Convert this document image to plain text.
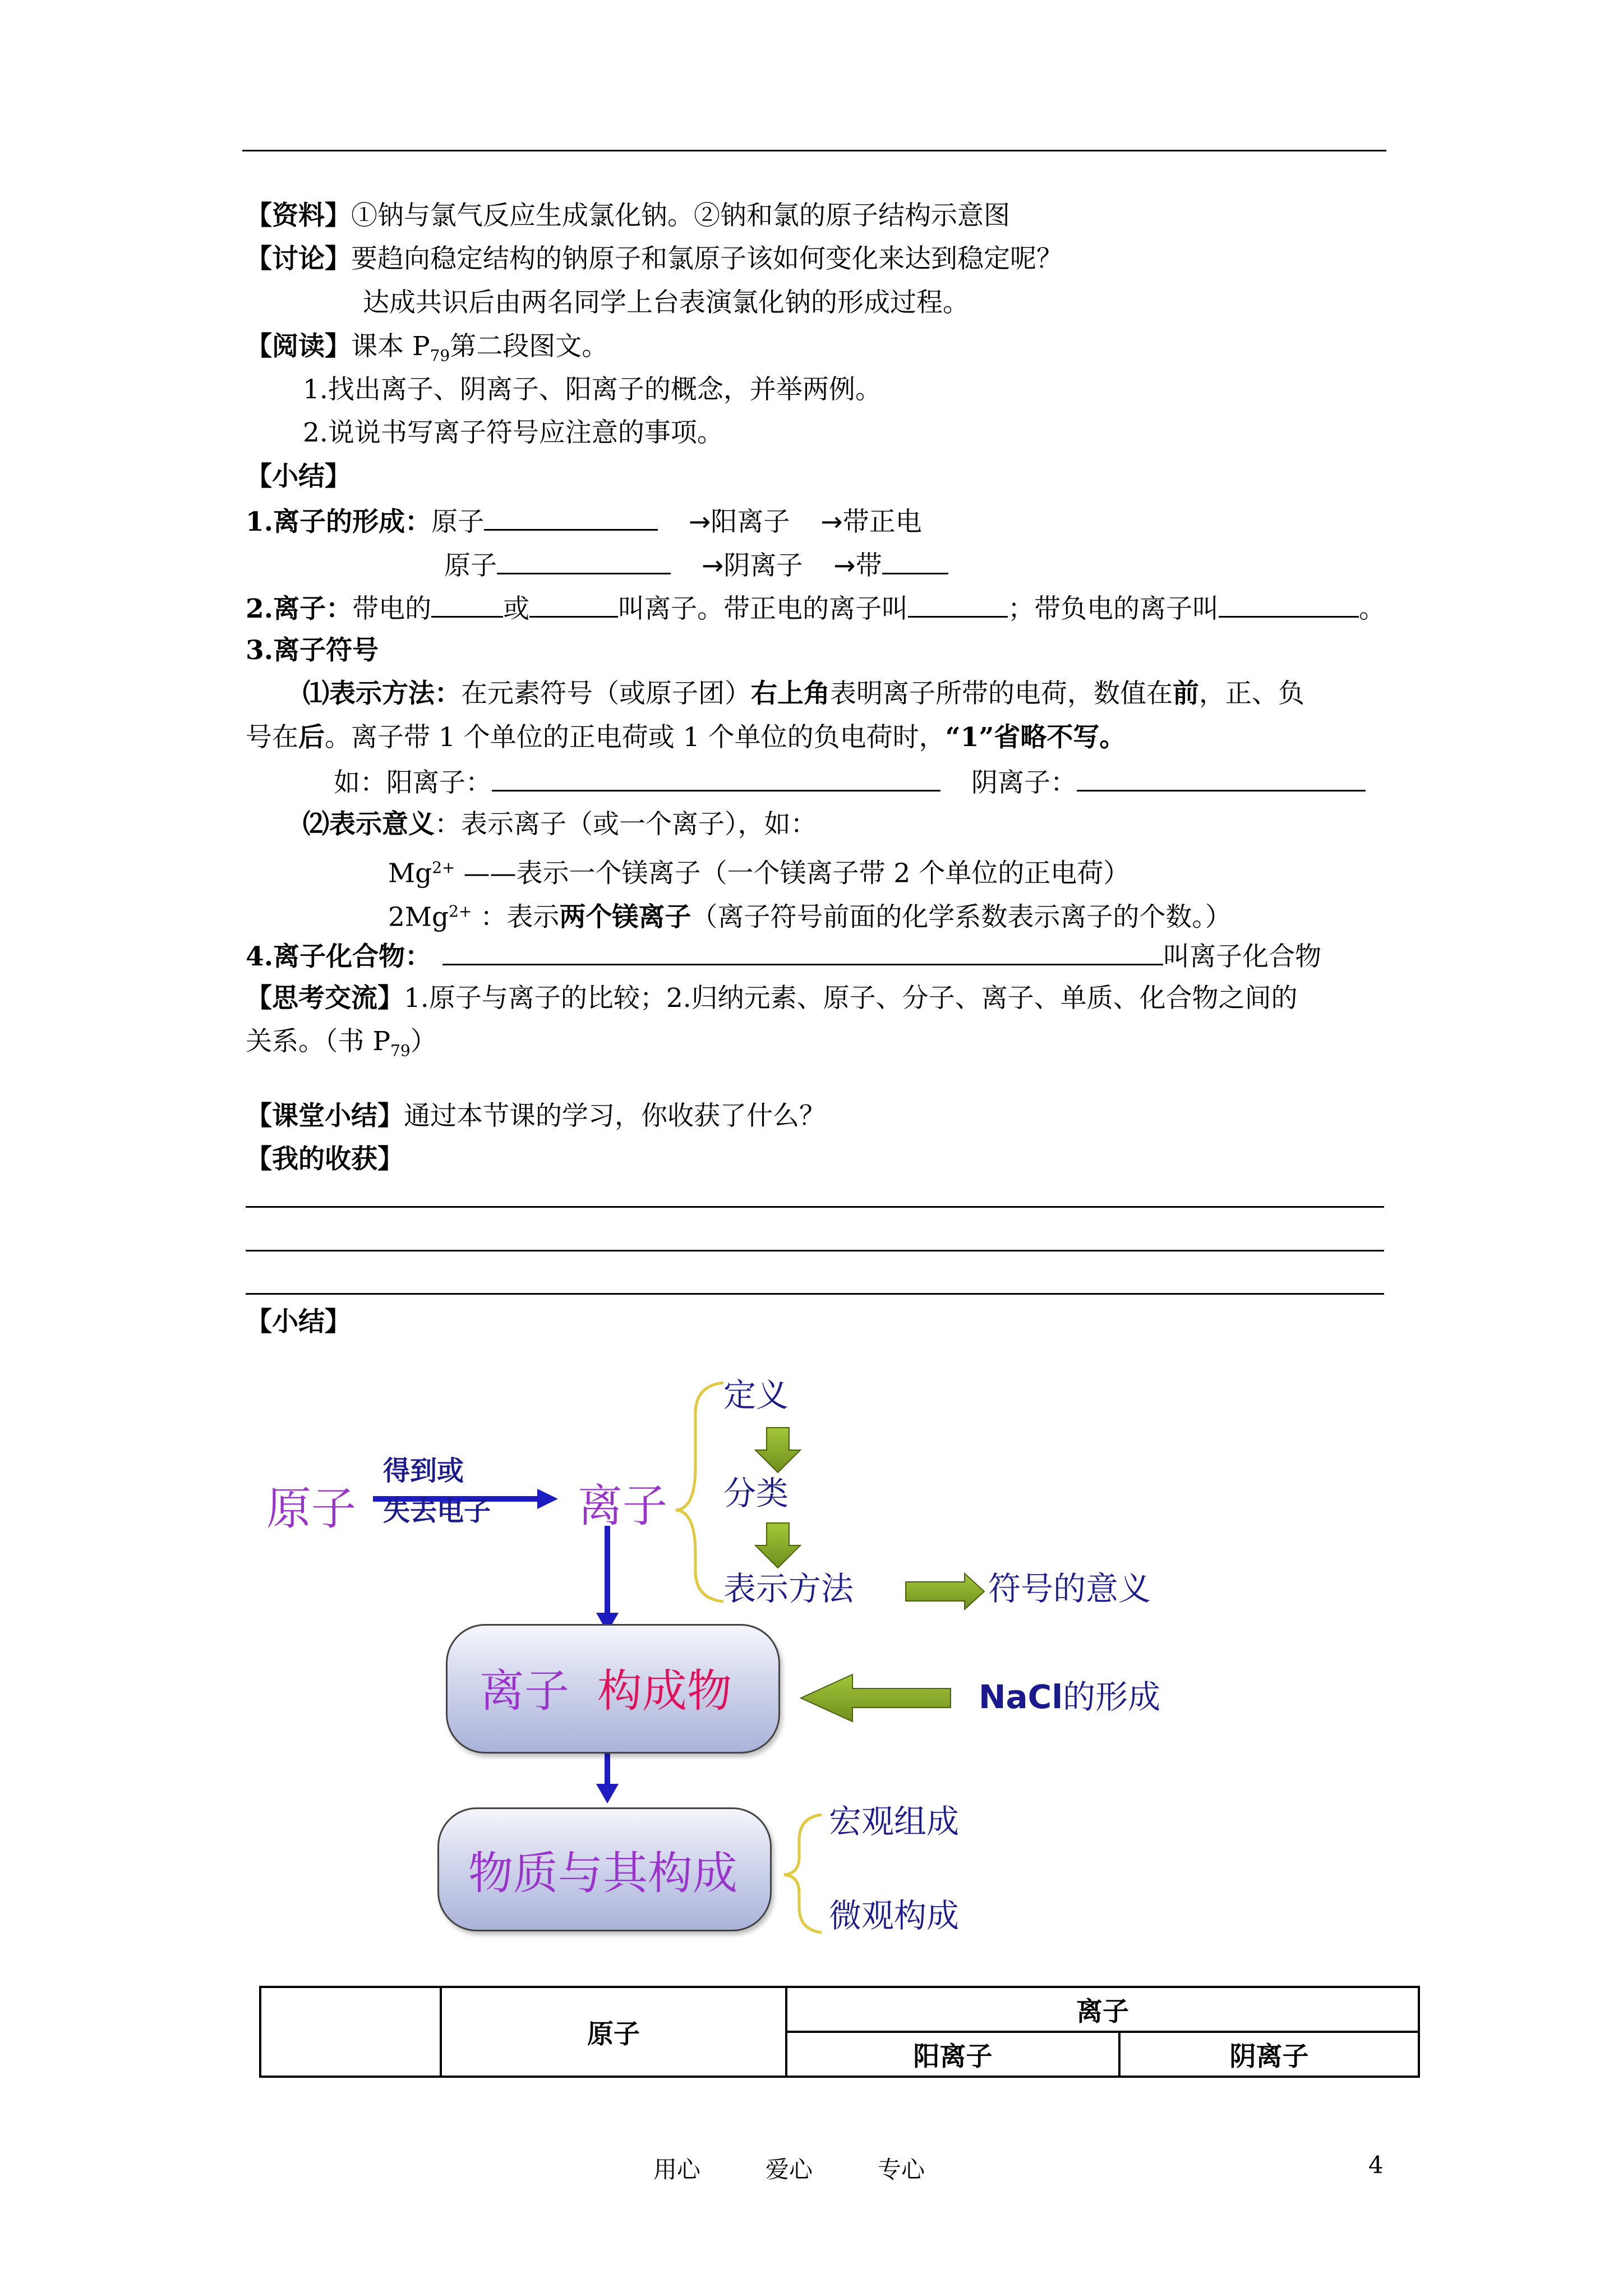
【资料】①钠与氯气反应生成氯化钠。②钠和氯的原子结构示意图
【讨论】要趋向稳定结构的钠原子和氯原子该如何变化来达到稳定呢？
达成共识后由两名同学上台表演氯化钠的形成过程。
【阅读】课本 $P_{79}$第二段图文。
1.找出离子、阴离子、阳离子的概念，并举两例。
2.说说书写离子符号应注意的事项。
【小结】
1.离子的形成：原子	→阳离子 →带正电
原子	→阴离子 →带
2.离子：带电的	或	叫离子。带正电的离子叫	；带负电的离子叫	。
3.离子符号
⑴表示方法：在元素符号（或原子团）右上角表明离子所带的电荷，数值在前，正、负
号在后。离子带 1 个单位的正电荷或 1 个单位的负电荷时，“1”省略不写。
如：阳离子：	阴离子：
⑵表示意义：表示离子（或一个离子），如：
$Mg^{2+}$ ——表示一个镁离子（一个镁离子带 2 个单位的正电荷）
$2Mg^{2+}$ ：表示两个镁离子（离子符号前面的化学系数表示离子的个数。）
4.离子化合物：	叫离子化合物
【思考交流】1.原子与离子的比较；2.归纳元素、原子、分子、离子、单质、化合物之间的
关系。（书 $P_{79}$）
【课堂小结】通过本节课的学习，你收获了什么？
【我的收获】
【小结】
原子
得到或
失去电子 离子
定义
分类
表示方法	符号的意义
离子 构成物	NaCl的形成
物质与其构成
宏观组成
微观构成
	原子	离子	
		阳离子	阴离子
用心	爱心	专心	4
